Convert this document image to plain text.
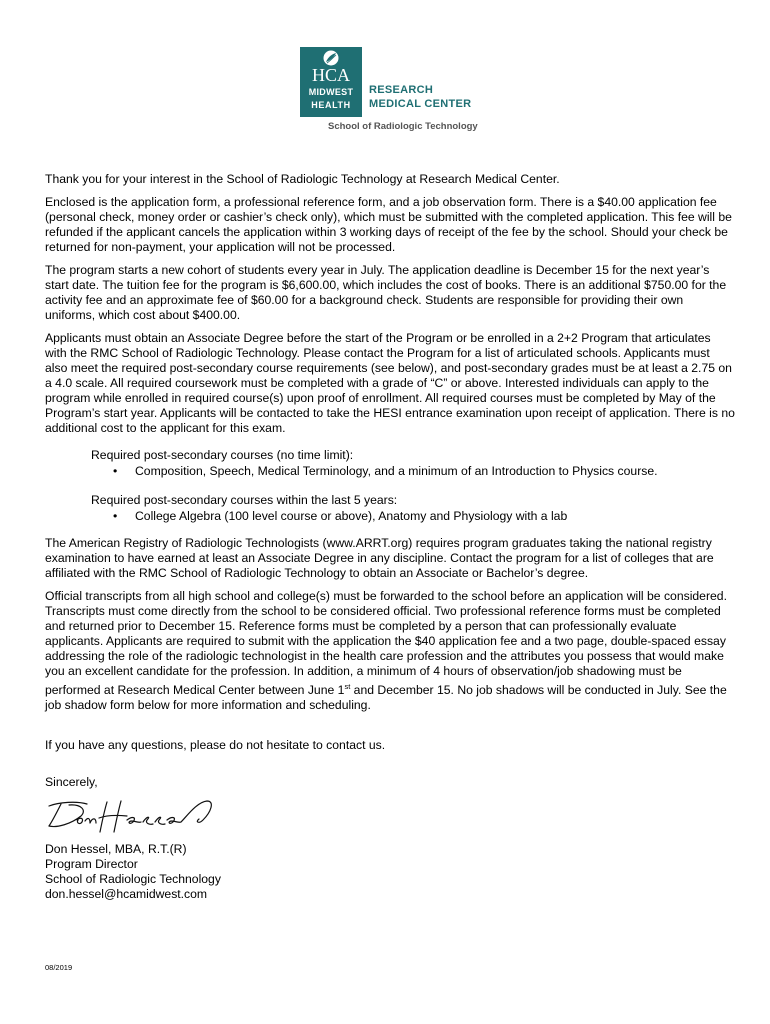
HCA
MIDWEST
HEALTH
RESEARCH
MEDICAL CENTER
School of Radiologic Technology

Thank you for your interest in the School of Radiologic Technology at Research Medical Center.

Enclosed is the application form, a professional reference form, and a job observation form. There is a $40.00 application fee (personal check, money order or cashier’s check only), which must be submitted with the completed application. This fee will be refunded if the applicant cancels the application within 3 working days of receipt of the fee by the school. Should your check be returned for non-payment, your application will not be processed.

The program starts a new cohort of students every year in July. The application deadline is December 15 for the next year’s start date. The tuition fee for the program is $6,600.00, which includes the cost of books. There is an additional $750.00 for the activity fee and an approximate fee of $60.00 for a background check. Students are responsible for providing their own uniforms, which cost about $400.00.

Applicants must obtain an Associate Degree before the start of the Program or be enrolled in a 2+2 Program that articulates with the RMC School of Radiologic Technology. Please contact the Program for a list of articulated schools. Applicants must also meet the required post-secondary course requirements (see below), and post-secondary grades must be at least a 2.75 on a 4.0 scale. All required coursework must be completed with a grade of “C” or above. Interested individuals can apply to the program while enrolled in required course(s) upon proof of enrollment. All required courses must be completed by May of the Program’s start year. Applicants will be contacted to take the HESI entrance examination upon receipt of application. There is no additional cost to the applicant for this exam.

Required post-secondary courses (no time limit):
• Composition, Speech, Medical Terminology, and a minimum of an Introduction to Physics course.
Required post-secondary courses within the last 5 years:
• College Algebra (100 level course or above), Anatomy and Physiology with a lab

The American Registry of Radiologic Technologists (www.ARRT.org) requires program graduates taking the national registry examination to have earned at least an Associate Degree in any discipline. Contact the program for a list of colleges that are affiliated with the RMC School of Radiologic Technology to obtain an Associate or Bachelor’s degree.

Official transcripts from all high school and college(s) must be forwarded to the school before an application will be considered. Transcripts must come directly from the school to be considered official. Two professional reference forms must be completed and returned prior to December 15. Reference forms must be completed by a person that can professionally evaluate applicants. Applicants are required to submit with the application the $40 application fee and a two page, double-spaced essay addressing the role of the radiologic technologist in the health care profession and the attributes you possess that would make you an excellent candidate for the profession. In addition, a minimum of 4 hours of observation/job shadowing must be performed at Research Medical Center between June 1st and December 15. No job shadows will be conducted in July. See the job shadow form below for more information and scheduling.

If you have any questions, please do not hesitate to contact us.

Sincerely,

Don Hessel, MBA, R.T.(R)
Program Director
School of Radiologic Technology
don.hessel@hcamidwest.com
08/2019
